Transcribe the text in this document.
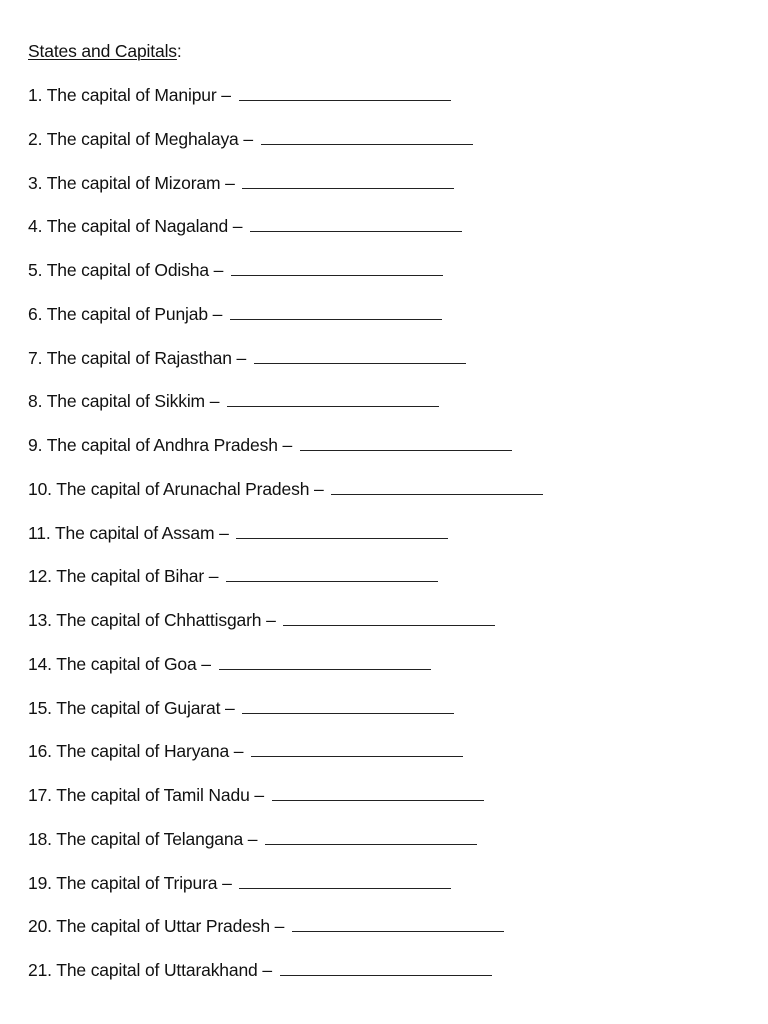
States and Capitals:
1. The capital of Manipur –
2. The capital of Meghalaya –
3. The capital of Mizoram –
4. The capital of Nagaland –
5. The capital of Odisha –
6. The capital of Punjab –
7. The capital of Rajasthan –
8. The capital of Sikkim –
9. The capital of Andhra Pradesh –
10. The capital of Arunachal Pradesh –
11. The capital of Assam –
12. The capital of Bihar –
13. The capital of Chhattisgarh –
14. The capital of Goa –
15. The capital of Gujarat –
16. The capital of Haryana –
17. The capital of Tamil Nadu –
18. The capital of Telangana –
19. The capital of Tripura –
20. The capital of Uttar Pradesh –
21. The capital of Uttarakhand –
